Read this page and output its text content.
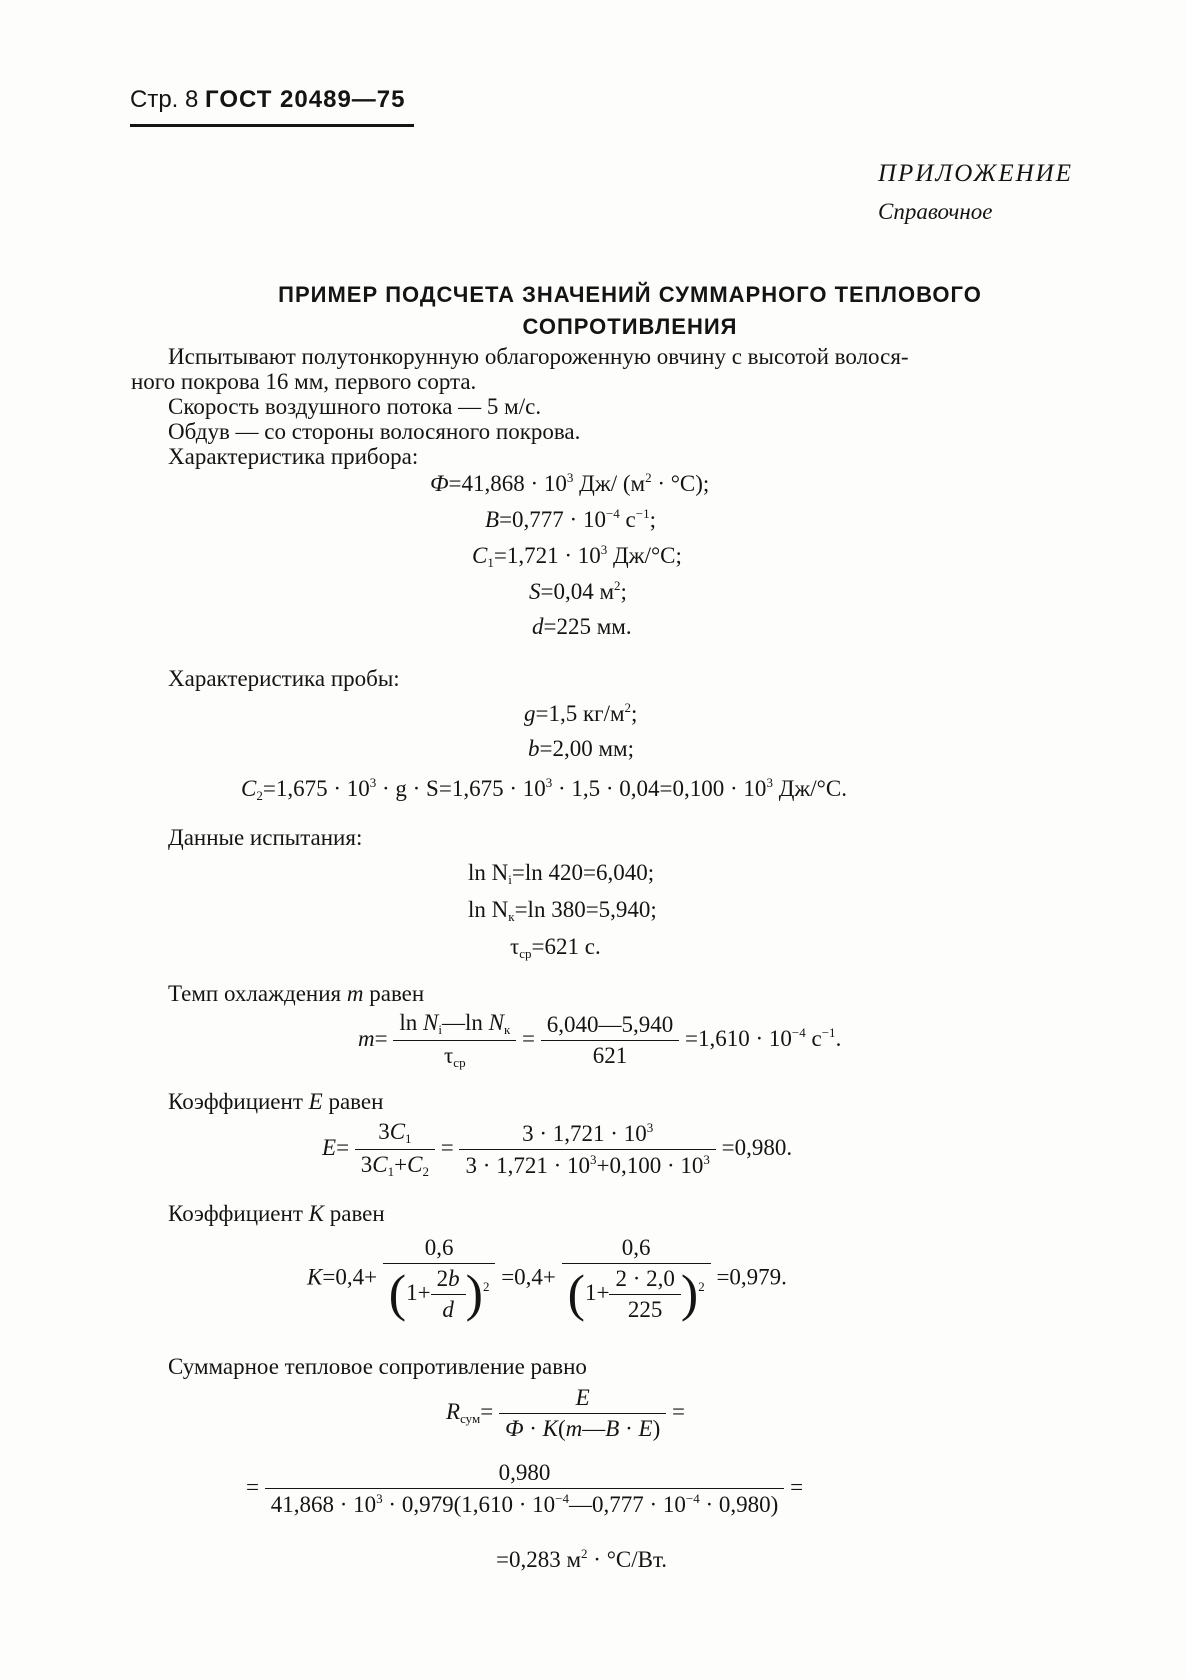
Стр. 8 ГОСТ 20489—75
ПРИЛОЖЕНИЕ
Справочное
ПРИМЕР ПОДСЧЕТА ЗНАЧЕНИЙ СУММАРНОГО ТЕПЛОВОГО
СОПРОТИВЛЕНИЯ
Испытывают полутонкорунную облагороженную овчину с высотой волося-
ного покрова 16 мм, первого сорта.
Скорость воздушного потока — 5 м/с.
Обдув — со стороны волосяного покрова.
Характеристика прибора:
$Ф=41,868 \cdot 10^3$ Дж/ $(м^2 \cdot ^\circ С)$;
$B=0,777 \cdot 10^{-4}$ $с^{-1}$;
$C_1=1,721 \cdot 10^3$ Дж/°С;
S=0,04 $м^2$;
d=225 мм.
Характеристика пробы:
g=1,5 $кг/м^2$;
b=2,00 мм;
$C_2=1,675 \cdot 10^3 \cdot g \cdot S=1,675 \cdot 10^3 \cdot 1,5 \cdot 0,04=0,100 \cdot 10^3$ Дж/°С.
Данные испытания:
$\ln N_i=\ln$ 420=6,040;
$\ln N_к=\ln$ 380=5,940;
$\tau_{ср}=621$ с.
Темп охлаждения m равен
$m= \frac{\ln N_i—\ln N_к}{\tau_{ср}} = \frac{6,040—5,940}{621} =1,610 \cdot 10^{-4}$ $с^{-1}$.
Коэффициент E равен
$E= \frac{3C_1}{3C_1+C_2} = \frac{3 \cdot 1,721 \cdot 10^3}{3 \cdot 1,721 \cdot 10^3+0,100 \cdot 10^3} =0,980$.
Коэффициент K равен
$K=0,4+ \frac{0,6}{(1+ \frac{2b}{d} )^2} =0,4+ \frac{0,6}{(1+ \frac{2 \cdot 2,0}{225} )^2} =0,979$.
Суммарное тепловое сопротивление равно
$R_{сум}= \frac{E}{Ф \cdot K(m—B \cdot E)}$ =
= $\frac{0,980}{41,868 \cdot 10^3 \cdot 0,979(1,610 \cdot 10^{-4}—0,777 \cdot 10^{-4} \cdot 0,980)}$ =
=0,283 $м^2 \cdot ^\circ С/Вт$.
